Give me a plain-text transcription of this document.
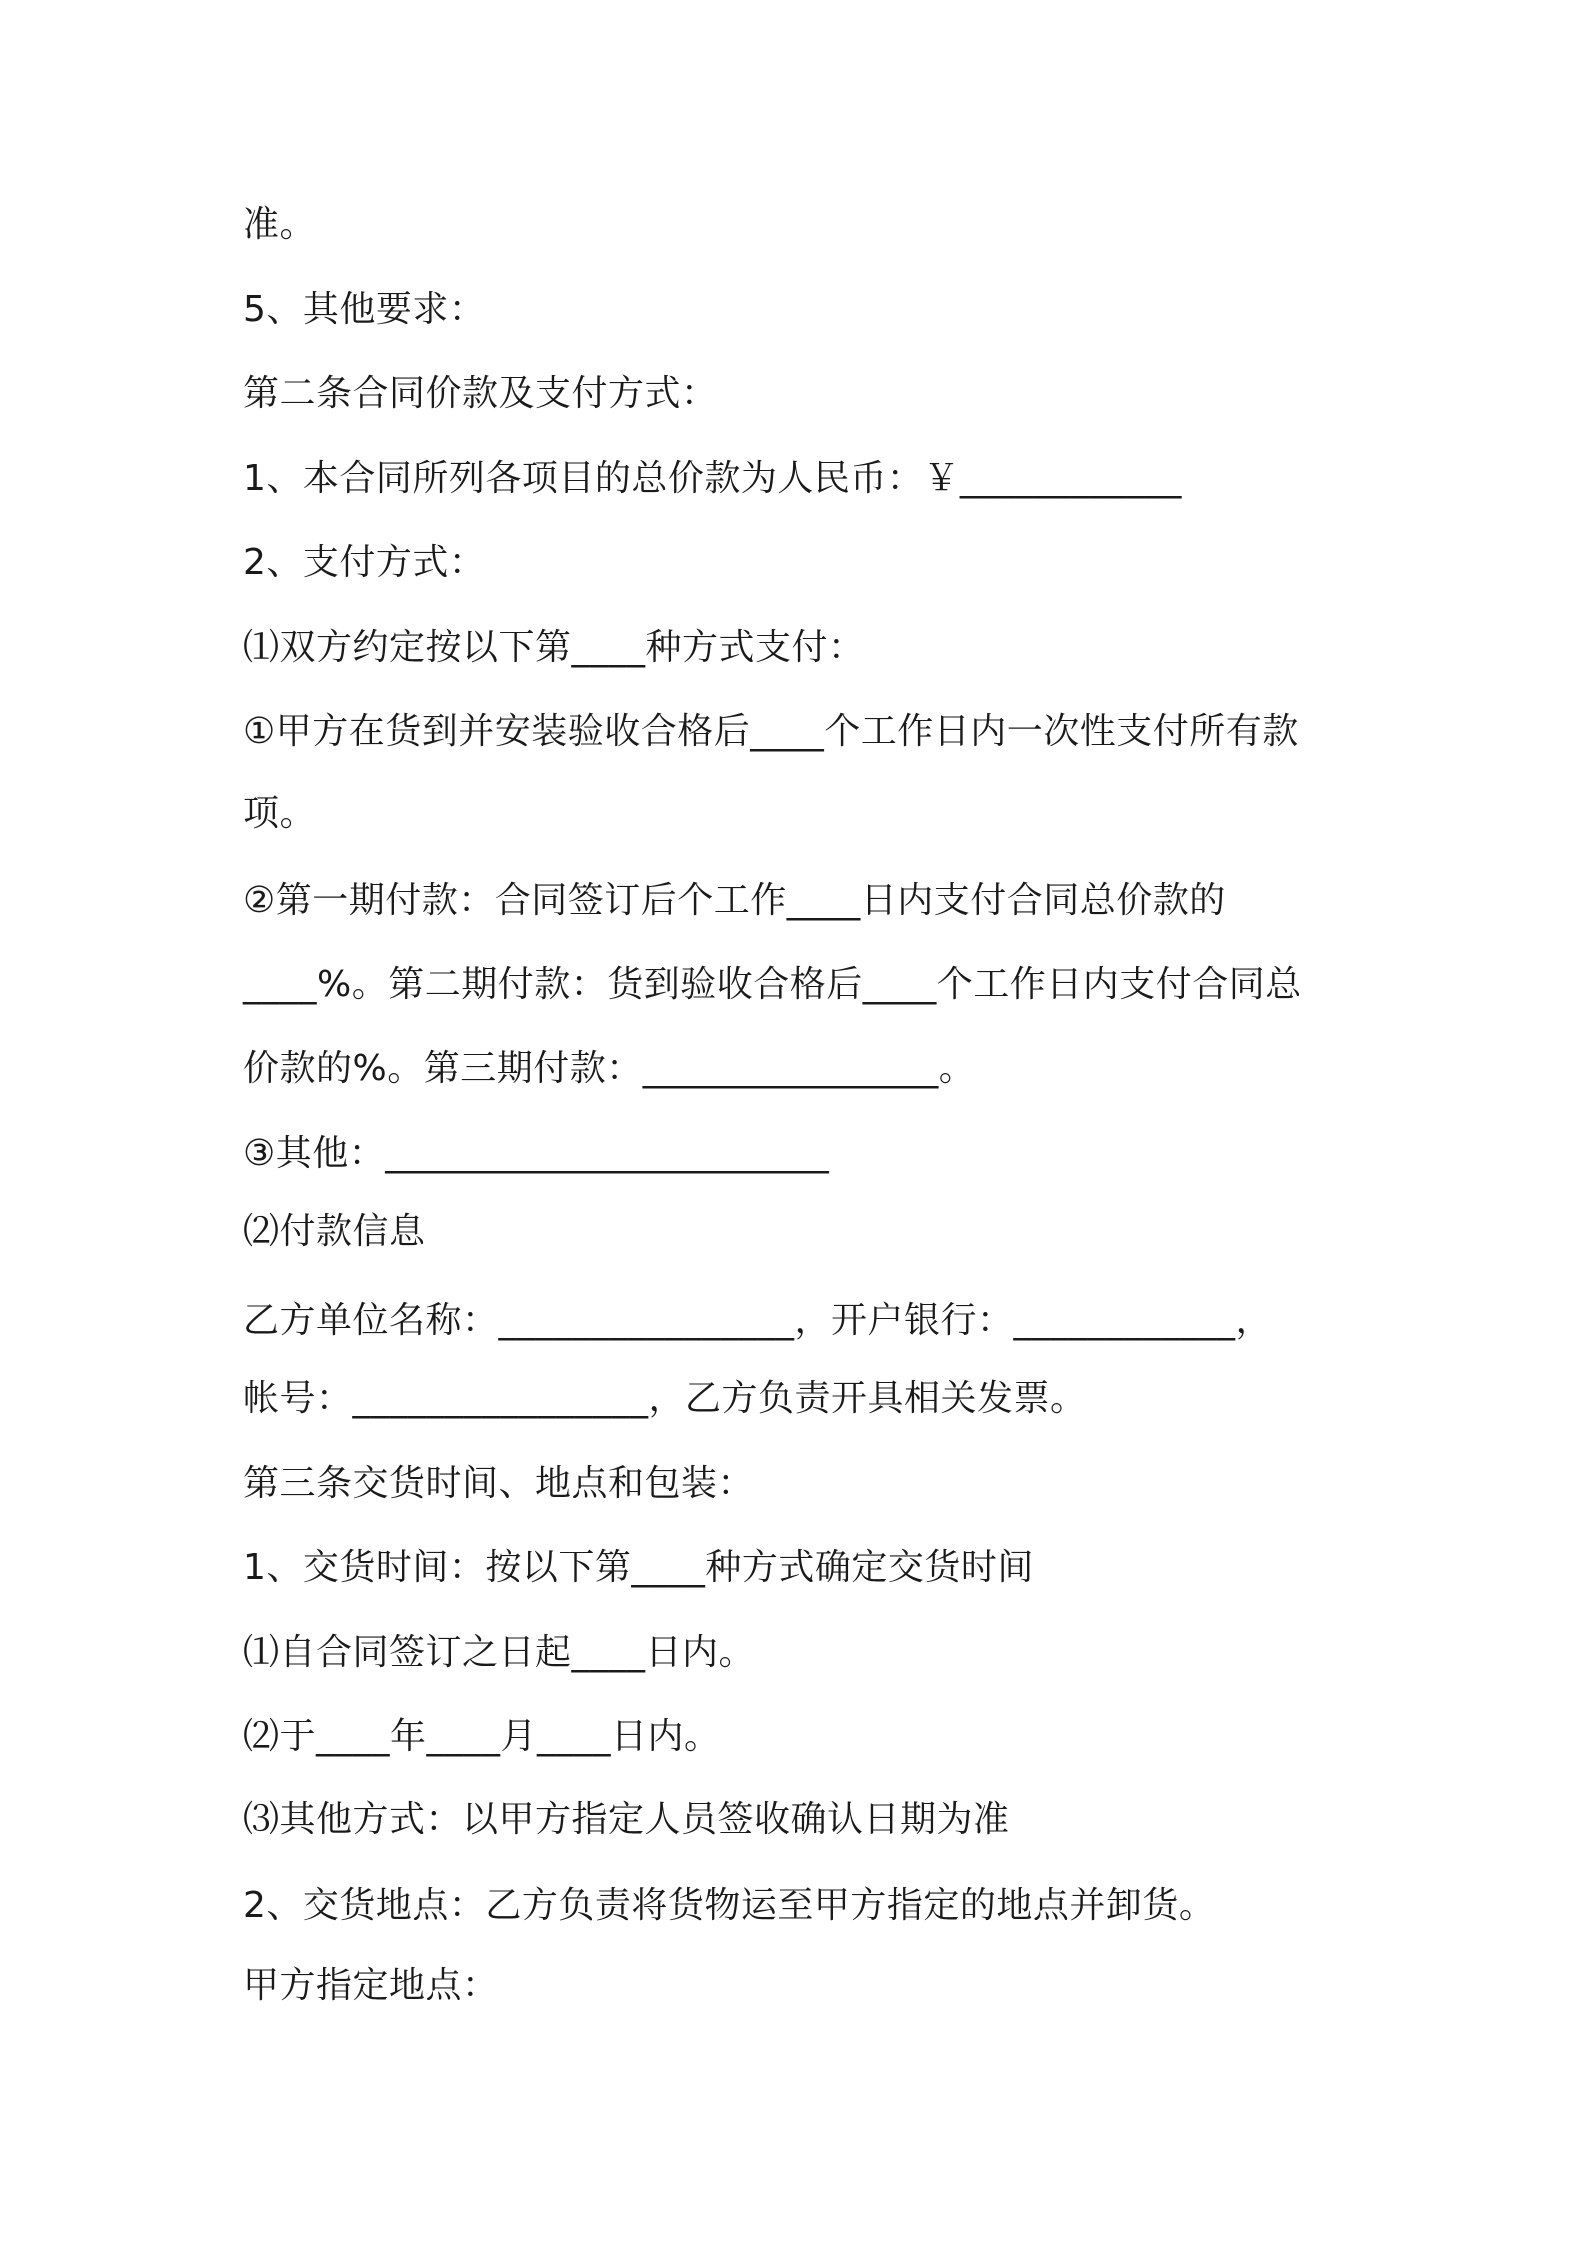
准。

5、其他要求：

第二条合同价款及支付方式：

1、本合同所列各项目的总价款为人民币：￥____________

2、支付方式：

⑴双方约定按以下第____种方式支付：

①甲方在货到并安装验收合格后____个工作日内一次性支付所有款

项。

②第一期付款：合同签订后个工作____日内支付合同总价款的

____%。第二期付款：货到验收合格后____个工作日内支付合同总

价款的%。第三期付款：________________。

③其他：________________________

⑵付款信息

乙方单位名称：________________，开户银行：____________，

帐号：________________，乙方负责开具相关发票。

第三条交货时间、地点和包装：

1、交货时间：按以下第____种方式确定交货时间

⑴自合同签订之日起____日内。

⑵于____年____月____日内。

⑶其他方式：以甲方指定人员签收确认日期为准

2、交货地点：乙方负责将货物运至甲方指定的地点并卸货。

甲方指定地点：
